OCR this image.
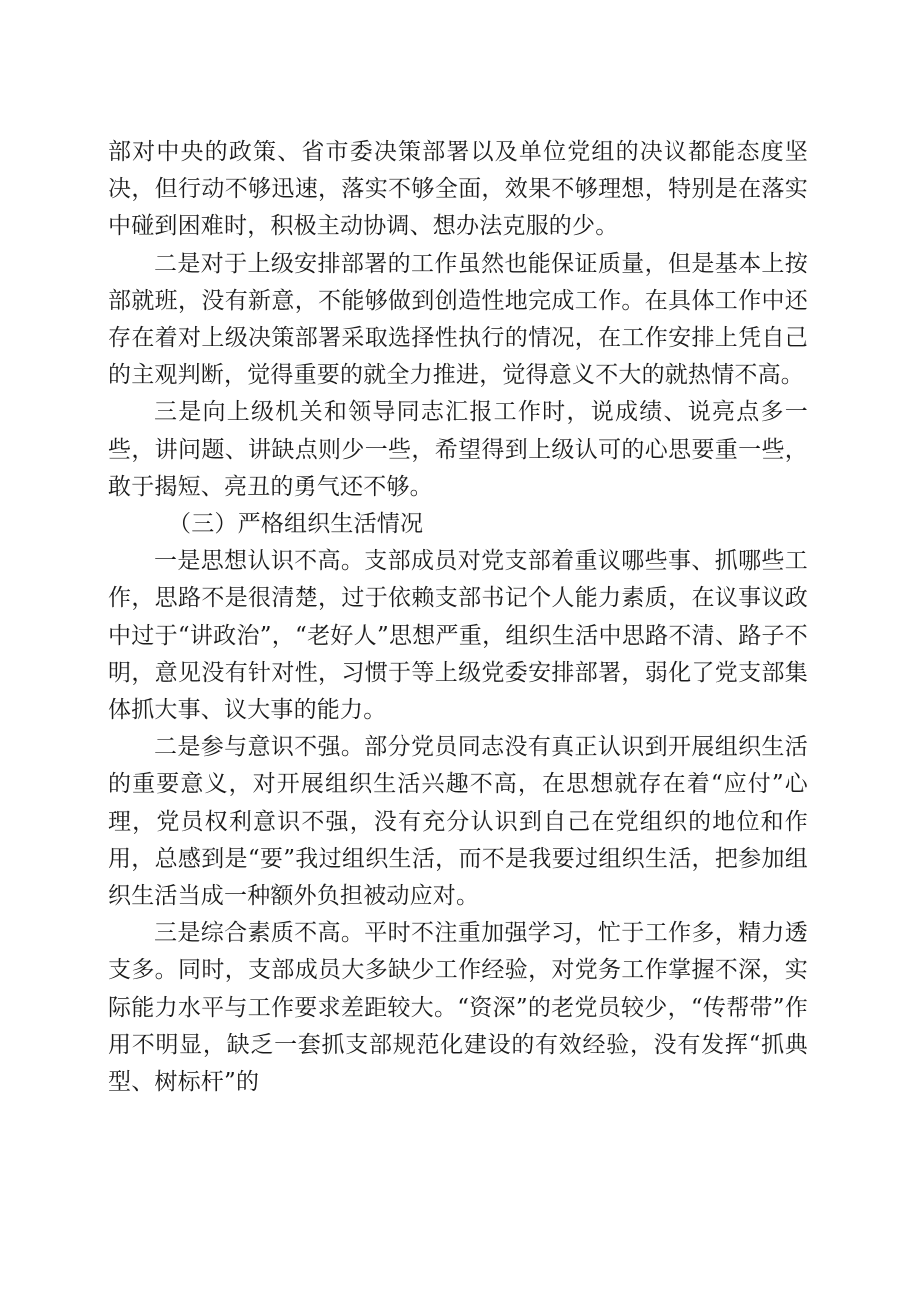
部对中央的政策、省市委决策部署以及单位党组的决议都能态度坚决，但行动不够迅速，落实不够全面，效果不够理想，特别是在落实中碰到困难时，积极主动协调、想办法克服的少。

二是对于上级安排部署的工作虽然也能保证质量，但是基本上按部就班，没有新意，不能够做到创造性地完成工作。在具体工作中还存在着对上级决策部署采取选择性执行的情况，在工作安排上凭自己的主观判断，觉得重要的就全力推进，觉得意义不大的就热情不高。

三是向上级机关和领导同志汇报工作时，说成绩、说亮点多一些，讲问题、讲缺点则少一些，希望得到上级认可的心思要重一些，敢于揭短、亮丑的勇气还不够。

（三）严格组织生活情况

一是思想认识不高。支部成员对党支部着重议哪些事、抓哪些工作，思路不是很清楚，过于依赖支部书记个人能力素质，在议事议政中过于“讲政治”，“老好人”思想严重，组织生活中思路不清、路子不明，意见没有针对性，习惯于等上级党委安排部署，弱化了党支部集体抓大事、议大事的能力。

二是参与意识不强。部分党员同志没有真正认识到开展组织生活的重要意义，对开展组织生活兴趣不高，在思想就存在着“应付”心理，党员权利意识不强，没有充分认识到自己在党组织的地位和作用，总感到是“要”我过组织生活，而不是我要过组织生活，把参加组织生活当成一种额外负担被动应对。

三是综合素质不高。平时不注重加强学习，忙于工作多，精力透支多。同时，支部成员大多缺少工作经验，对党务工作掌握不深，实际能力水平与工作要求差距较大。“资深”的老党员较少，“传帮带”作用不明显，缺乏一套抓支部规范化建设的有效经验，没有发挥“抓典型、树标杆”的
